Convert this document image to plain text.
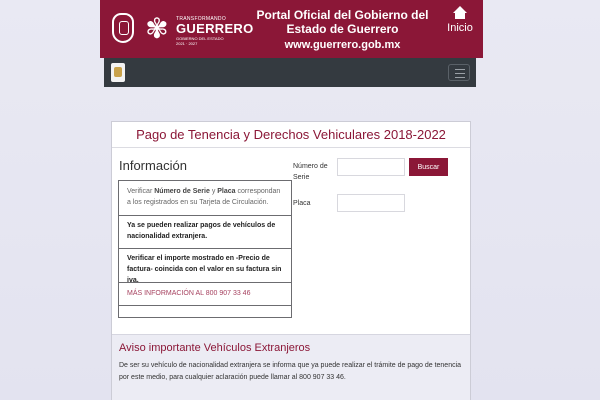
✾	TRANSFORMANDO
GUERRERO
GOBIERNO DEL ESTADO
2021 · 2027
Portal Oficial del Gobierno del Estado de Guerrero
www.guerrero.gob.mx
Inicio
Pago de Tenencia y Derechos Vehiculares 2018-2022
Información
Verificar Número de Serie y Placa correspondan a los registrados en su Tarjeta de Circulación.
Ya se pueden realizar pagos de vehículos de nacionalidad extranjera.
Verificar el importe mostrado en -Precio de factura- coincida con el valor en su factura sin iva.
MÁS INFORMACIÓN AL 800 907 33 46
Número de Serie
Buscar
Placa
Aviso importante Vehículos Extranjeros
De ser su vehículo de nacionalidad extranjera se informa que ya puede realizar el trámite de pago de tenencia por este medio, para cualquier aclaración puede llamar al 800 907 33 46.
